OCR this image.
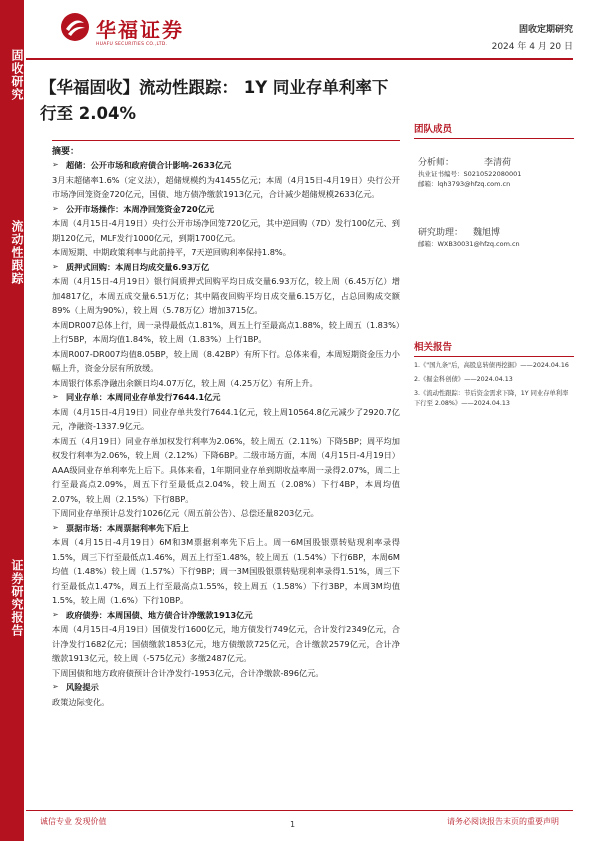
固收研究
流动性跟踪
证券研究报告
华福证券
HUAFU SECURITIES CO.,LTD.
固收定期研究
2024 年 4 月 20 日
【华福固收】流动性跟踪： 1Y 同业存单利率下行至 2.04%
摘要：
➢ 超储：公开市场和政府债合计影响-2633亿元

3月末超储率1.6%（定义法），超储规模约为41455亿元；本周（4月15日-4月19日）央行公开市场净回笼资金720亿元，国债、地方债净缴款1913亿元，合计减少超储规模2633亿元。

➢ 公开市场操作：本周净回笼资金720亿元

本周（4月15日-4月19日）央行公开市场净回笼720亿元，其中逆回购（7D）发行100亿元、到期120亿元，MLF发行1000亿元，到期1700亿元。

本周短期、中期政策利率与此前持平，7天逆回购利率保持1.8%。

➢ 质押式回购：本周日均成交量6.93万亿

本周（4月15日-4月19日）银行间质押式回购平均日成交量6.93万亿，较上周（6.45万亿）增加4817亿，本周五成交量6.51万亿；其中隔夜回购平均日成交量6.15万亿，占总回购成交额89%（上周为90%），较上周（5.78万亿）增加3715亿。

本周DR007总体上行，周一录得最低点1.81%，周五上行至最高点1.88%，较上周五（1.83%）上行5BP，本周均值1.84%，较上周（1.83%）上行1BP。

本周R007-DR007均值8.05BP，较上周（8.42BP）有所下行。总体来看，本周短期资金压力小幅上升，资金分层有所放缓。

本周银行体系净融出余额日均4.07万亿，较上周（4.25万亿）有所上升。

➢ 同业存单：本周同业存单发行7644.1亿元

本周（4月15日-4月19日）同业存单共发行7644.1亿元，较上周10564.8亿元减少了2920.7亿元，净融资-1337.9亿元。

本周五（4月19日）同业存单加权发行利率为2.06%，较上周五（2.11%）下降5BP；周平均加权发行利率为2.06%，较上周（2.12%）下降6BP。二级市场方面，本周（4月15日-4月19日）AAA级同业存单利率先上后下。具体来看，1年期同业存单到期收益率周一录得2.07%，周二上行至最高点2.09%，周五下行至最低点2.04%，较上周五（2.08%）下行4BP，本周均值2.07%，较上周（2.15%）下行8BP。

下周同业存单预计总发行1026亿元（周五前公告）、总偿还量8203亿元。

➢ 票据市场：本周票据利率先下后上

本周（4月15日-4月19日）6M和3M票据利率先下后上。周一6M国股银票转贴现利率录得1.5%，周三下行至最低点1.46%，周五上行至1.48%，较上周五（1.54%）下行6BP，本周6M均值（1.48%）较上周（1.57%）下行9BP；周一3M国股银票转贴现利率录得1.51%，周三下行至最低点1.47%，周五上行至最高点1.55%，较上周五（1.58%）下行3BP，本周3M均值1.5%，较上周（1.6%）下行10BP。

➢ 政府债券：本周国债、地方债合计净缴款1913亿元

本周（4月15日-4月19日）国债发行1600亿元，地方债发行749亿元，合计发行2349亿元，合计净发行1682亿元；国债缴款1853亿元，地方债缴款725亿元，合计缴款2579亿元，合计净缴款1913亿元，较上周（-575亿元）多缴2487亿元。

下周国债和地方政府债预计合计净发行-1953亿元，合计净缴款-896亿元。

➢ 风险提示

政策边际变化。

团队成员
分析师：	李清荷
执业证书编号：S0210522080001
邮箱：lqh3793@hfzq.com.cn
研究助理： 魏旭博
邮箱：WXB30031@hfzq.com.cn
相关报告
1.《"国九条"后，高股息转债再挖掘》——2024.04.16
2.《掘金科创债》——2024.04.13
3.《流动性跟踪：节后资金需求下降，1Y 同业存单利率下行至 2.08%》——2024.04.13
诚信专业 发现价值	1	请务必阅读报告末页的重要声明
